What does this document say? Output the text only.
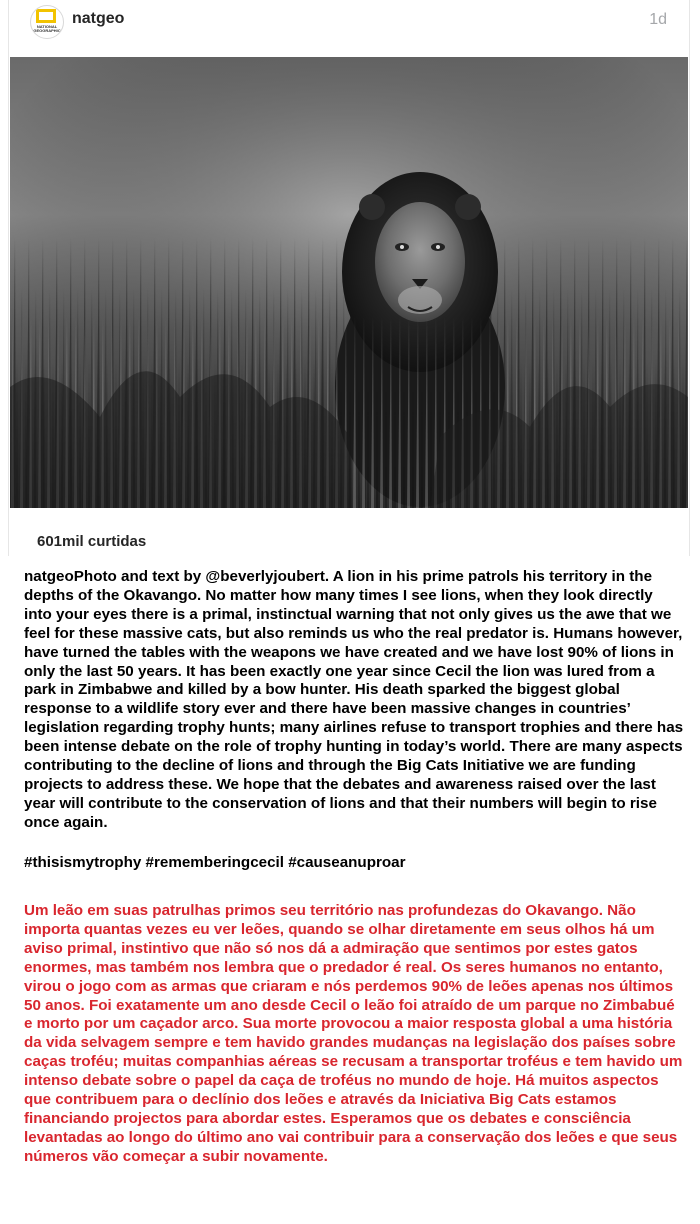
NATIONAL GEOGRAPHIC
natgeo	1d
601mil curtidas

natgeoPhoto and text by @beverlyjoubert. A lion in his prime patrols his territory in the depths of the Okavango. No matter how many times I see lions, when they look directly into your eyes there is a primal, instinctual warning that not only gives us the awe that we feel for these massive cats, but also reminds us who the real predator is. Humans however, have turned the tables with the weapons we have created and we have lost 90% of lions in only the last 50 years. It has been exactly one year since Cecil the lion was lured from a park in Zimbabwe and killed by a bow hunter. His death sparked the biggest global response to a wildlife story ever and there have been massive changes in countries’ legislation regarding trophy hunts; many airlines refuse to transport trophies and there has been intense debate on the role of trophy hunting in today’s world. There are many aspects contributing to the decline of lions and through the Big Cats Initiative we are funding projects to address these. We hope that the debates and awareness raised over the last year will contribute to the conservation of lions and that their numbers will begin to rise once again.

#thisismytrophy #rememberingcecil #causeanuproar

Um leão em suas patrulhas primos seu território nas profundezas do Okavango. Não importa quantas vezes eu ver leões, quando se olhar diretamente em seus olhos há um aviso primal, instintivo que não só nos dá a admiração que sentimos por estes gatos enormes, mas também nos lembra que o predador é real. Os seres humanos no entanto, virou o jogo com as armas que criaram e nós perdemos 90% de leões apenas nos últimos 50 anos. Foi exatamente um ano desde Cecil o leão foi atraído de um parque no Zimbabué e morto por um caçador arco. Sua morte provocou a maior resposta global a uma história da vida selvagem sempre e tem havido grandes mudanças na legislação dos países sobre caças troféu; muitas companhias aéreas se recusam a transportar troféus e tem havido um intenso debate sobre o papel da caça de troféus no mundo de hoje. Há muitos aspectos que contribuem para o declínio dos leões e através da Iniciativa Big Cats estamos financiando projectos para abordar estes. Esperamos que os debates e consciência levantadas ao longo do último ano vai contribuir para a conservação dos leões e que seus números vão começar a subir novamente.
